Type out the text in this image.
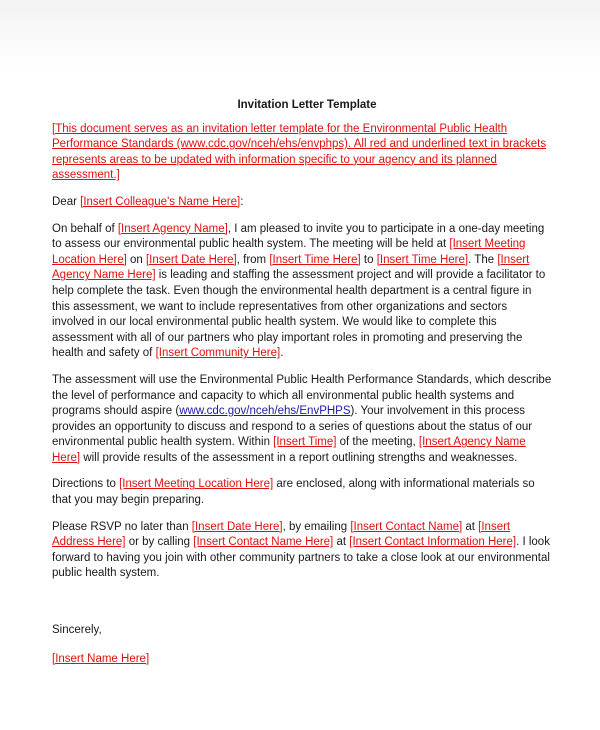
Invitation Letter Template

[This document serves as an invitation letter template for the Environmental Public Health Performance Standards (www.cdc.gov/nceh/ehs/envphps). All red and underlined text in brackets represents areas to be updated with information specific to your agency and its planned assessment.]

Dear [Insert Colleague's Name Here]:

On behalf of [Insert Agency Name], I am pleased to invite you to participate in a one-day meeting to assess our environmental public health system. The meeting will be held at [Insert Meeting Location Here] on [Insert Date Here], from [Insert Time Here] to [Insert Time Here]. The [Insert Agency Name Here] is leading and staffing the assessment project and will provide a facilitator to help complete the task. Even though the environmental health department is a central figure in this assessment, we want to include representatives from other organizations and sectors involved in our local environmental public health system. We would like to complete this assessment with all of our partners who play important roles in promoting and preserving the health and safety of [Insert Community Here].

The assessment will use the Environmental Public Health Performance Standards, which describe the level of performance and capacity to which all environmental public health systems and programs should aspire (www.cdc.gov/nceh/ehs/EnvPHPS). Your involvement in this process provides an opportunity to discuss and respond to a series of questions about the status of our environmental public health system. Within [Insert Time] of the meeting, [Insert Agency Name Here] will provide results of the assessment in a report outlining strengths and weaknesses.

Directions to [Insert Meeting Location Here] are enclosed, along with informational materials so that you may begin preparing.

Please RSVP no later than [Insert Date Here], by emailing [Insert Contact Name] at [Insert Address Here] or by calling [Insert Contact Name Here] at [Insert Contact Information Here]. I look forward to having you join with other community partners to take a close look at our environmental public health system.

Sincerely,

[Insert Name Here]
